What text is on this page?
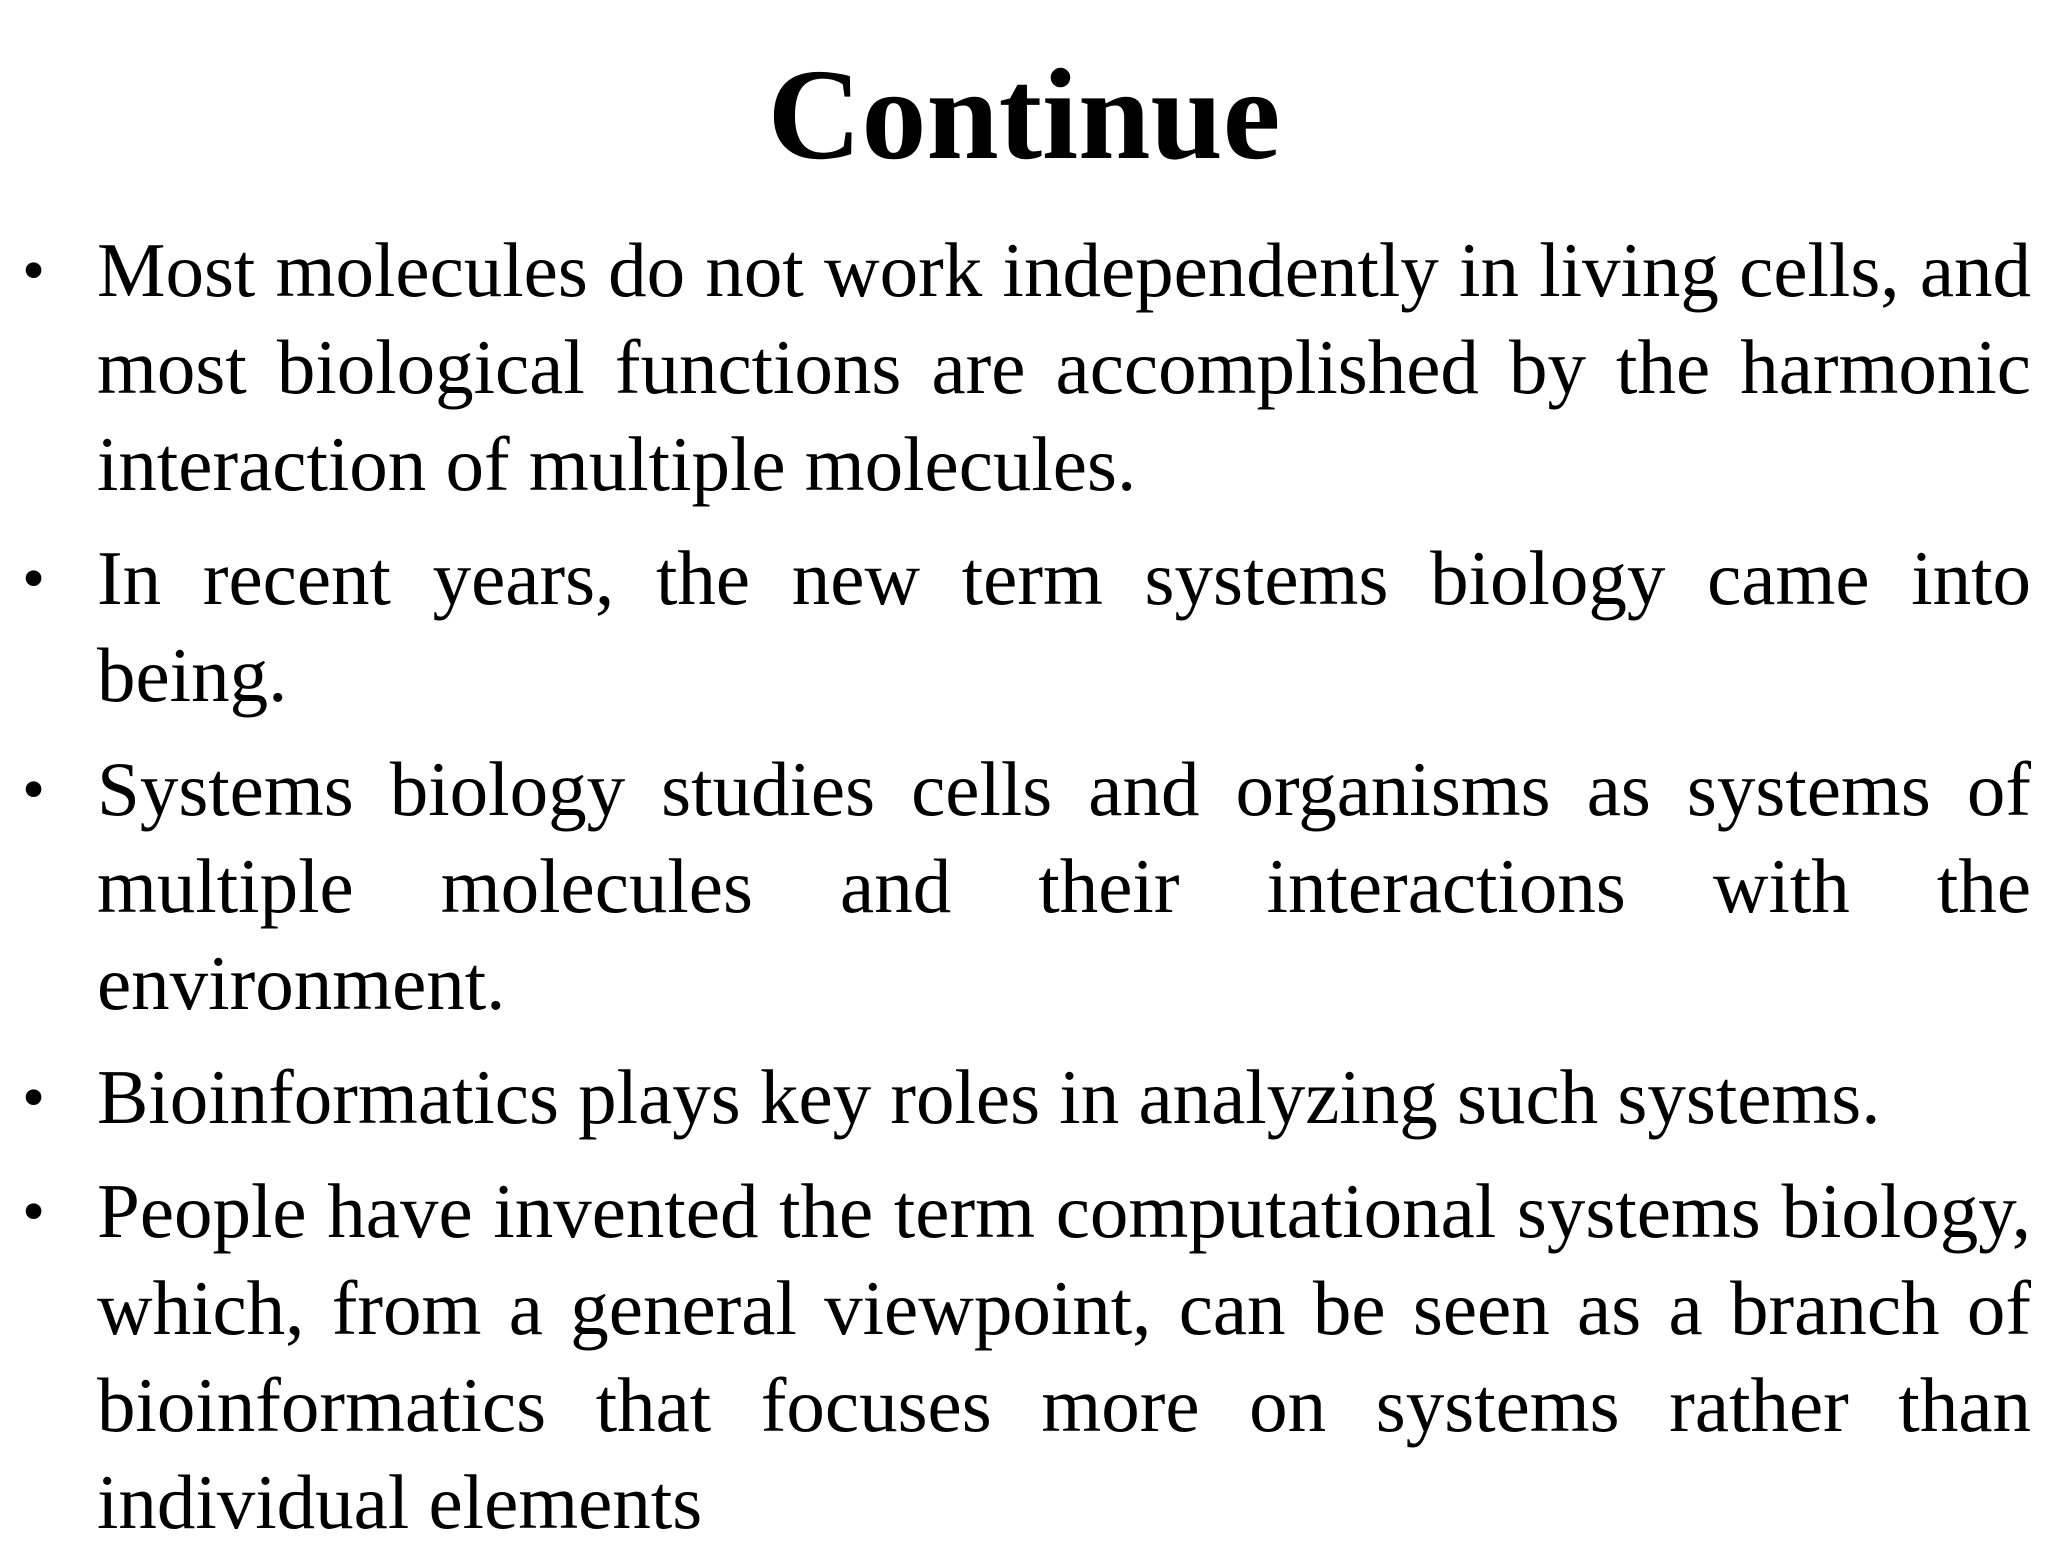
Continue
• Most molecules do not work independently in living cells, and most biological functions are accomplished by the harmonic interaction of multiple molecules.
• In recent years, the new term systems biology came into being.
• Systems biology studies cells and organisms as systems of multiple molecules and their interactions with the environment.
• Bioinformatics plays key roles in analyzing such systems.
• People have invented the term computational systems biology, which, from a general viewpoint, can be seen as a branch of bioinformatics that focuses more on systems rather than individual elements
